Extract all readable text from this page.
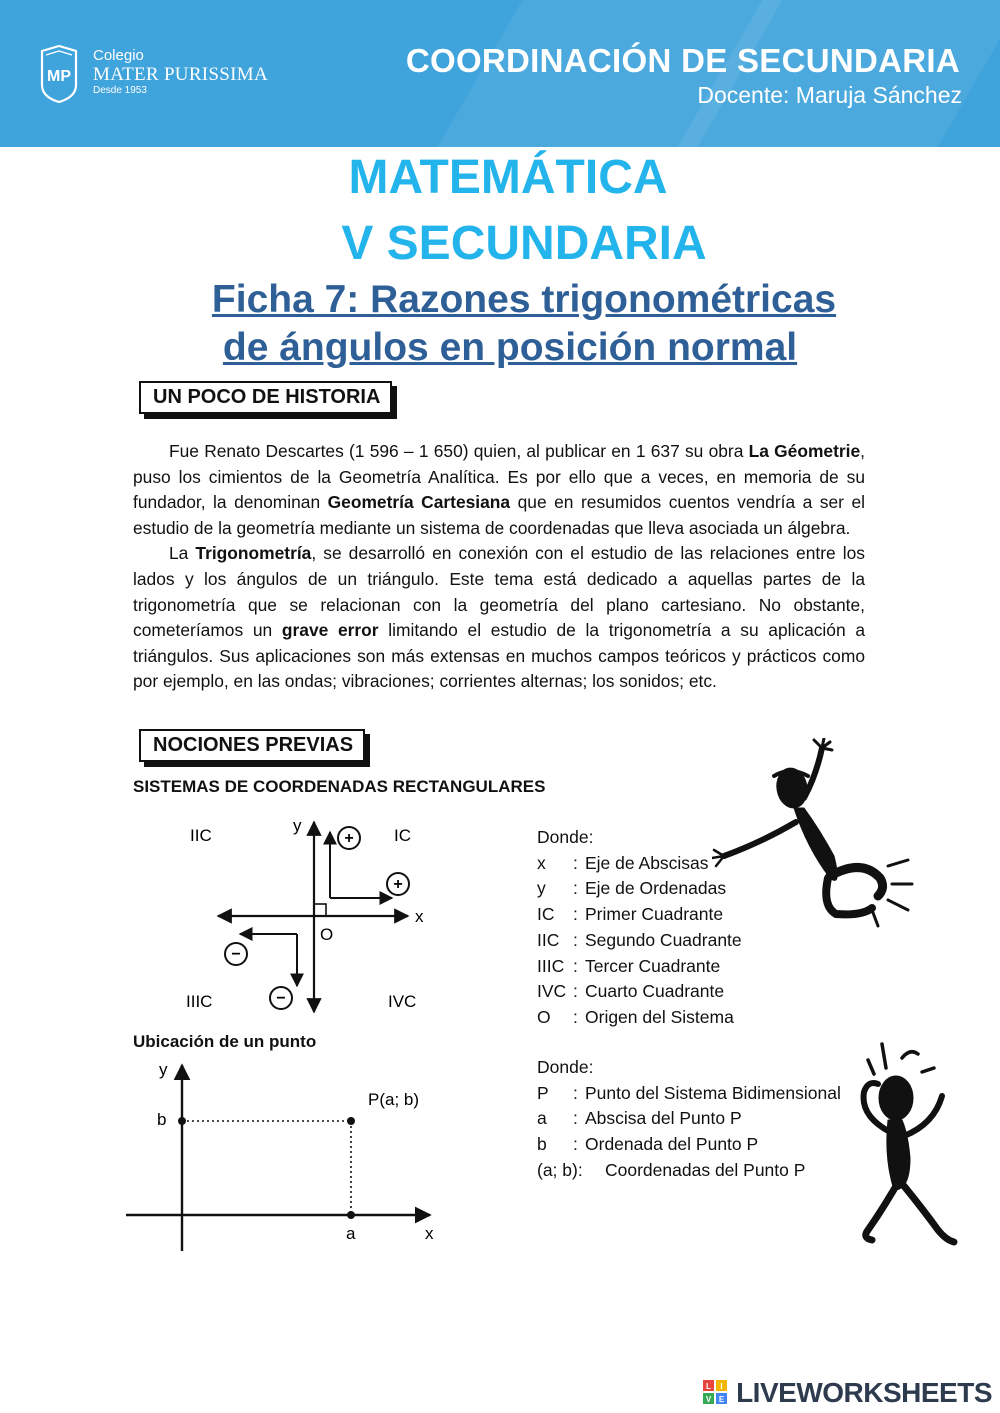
MP
Colegio
MATER PURISSIMA
Desde 1953
COORDINACIÓN DE SECUNDARIA
Docente: Maruja Sánchez
MATEMÁTICA
V SECUNDARIA
Ficha 7: Razones trigonométricas
de ángulos en posición normal
UN POCO DE HISTORIA

Fue Renato Descartes (1 596 – 1 650) quien, al publicar en 1 637 su obra La Géometrie, puso los cimientos de la Geometría Analítica. Es por ello que a veces, en memoria de su fundador, la denominan Geometría Cartesiana que en resumidos cuentos vendría a ser el estudio de la geometría mediante un sistema de coordenadas que lleva asociada un álgebra.

La Trigonometría, se desarrolló en conexión con el estudio de las relaciones entre los lados y los ángulos de un triángulo. Este tema está dedicado a aquellas partes de la trigonometría que se relacionan con la geometría del plano cartesiano. No obstante, cometeríamos un grave error limitando el estudio de la trigonometría a su aplicación a triángulos. Sus aplicaciones son más extensas en muchos campos teóricos y prácticos como por ejemplo, en las ondas; vibraciones; corrientes alternas; los sonidos; etc.

NOCIONES PREVIAS
SISTEMAS DE COORDENADAS RECTANGULARES
+
+
−
−
IIC	IC
IIIC	IVC
y
x
O
Donde:
x	: Eje de Abscisas
y	: Eje de Ordenadas
IC	: Primer Cuadrante
IIC : Segundo Cuadrante
IIIC : Tercer Cuadrante
IVC : Cuarto Cuadrante
O	: Origen del Sistema
Ubicación de un punto
y
x
b
a
P(a; b)
Donde:
P	: Punto del Sistema Bidimensional
a	: Abscisa del Punto P
b	: Ordenada del Punto P
(a; b):	Coordenadas del Punto P
L I
V E LIVEWORKSHEETS
